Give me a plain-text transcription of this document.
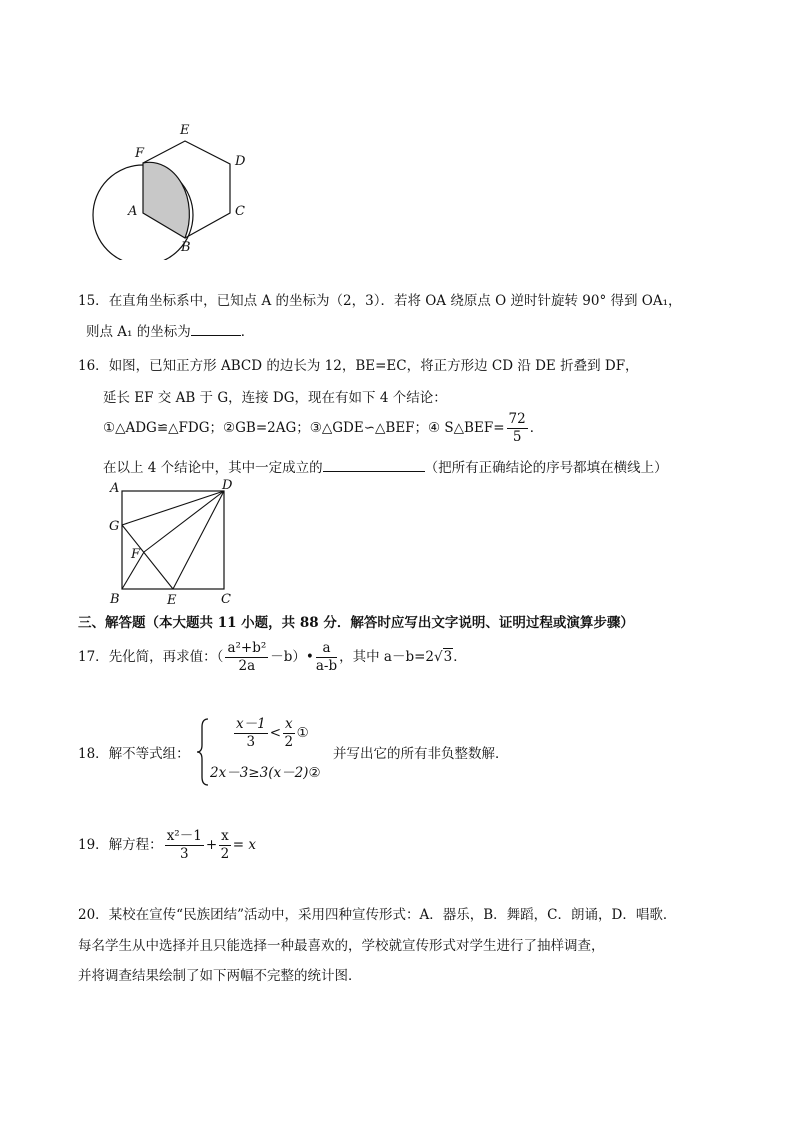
E
F
D
A	C
B
15．在直角坐标系中，已知点 A 的坐标为（2，3）．若将 OA 绕原点 O 逆时针旋转 90° 得到 OA₁，
则点 A₁ 的坐标为	．
16．如图，已知正方形 ABCD 的边长为 12，BE=EC，将正方形边 CD 沿 DE 折叠到 DF，
延长 EF 交 AB 于 G，连接 DG，现在有如下 4 个结论：
①△ADG≌△FDG；②GB=2AG；③△GDE∽△BEF；④ S△BEF= $\frac{72}{5}$ ．
在以上 4 个结论中，其中一定成立的	（把所有正确结论的序号都填在横线上）
A	D
G
F
B	E	C
三、解答题（本大题共 11 小题，共 88 分．解答时应写出文字说明、证明过程或演算步骤）
17．先化简，再求值：（ $\frac{\text{a²+b²}}{2a}$ －b）• $\frac{a}{a-b}$ ，其中 a－b=2√3．
18．解不等式组：
$\frac{x-1}{3} < \frac{x}{2}$ ①
并写出它的所有非负整数解．
2x－3≥3(x－2)②
19．解方程： $\frac{\text{x²－1}}{3} + \frac{x}{2} = x$
20．某校在宣传“民族团结”活动中，采用四种宣传形式：A．器乐，B．舞蹈，C．朗诵，D．唱歌．
每名学生从中选择并且只能选择一种最喜欢的，学校就宣传形式对学生进行了抽样调查，
并将调查结果绘制了如下两幅不完整的统计图．
